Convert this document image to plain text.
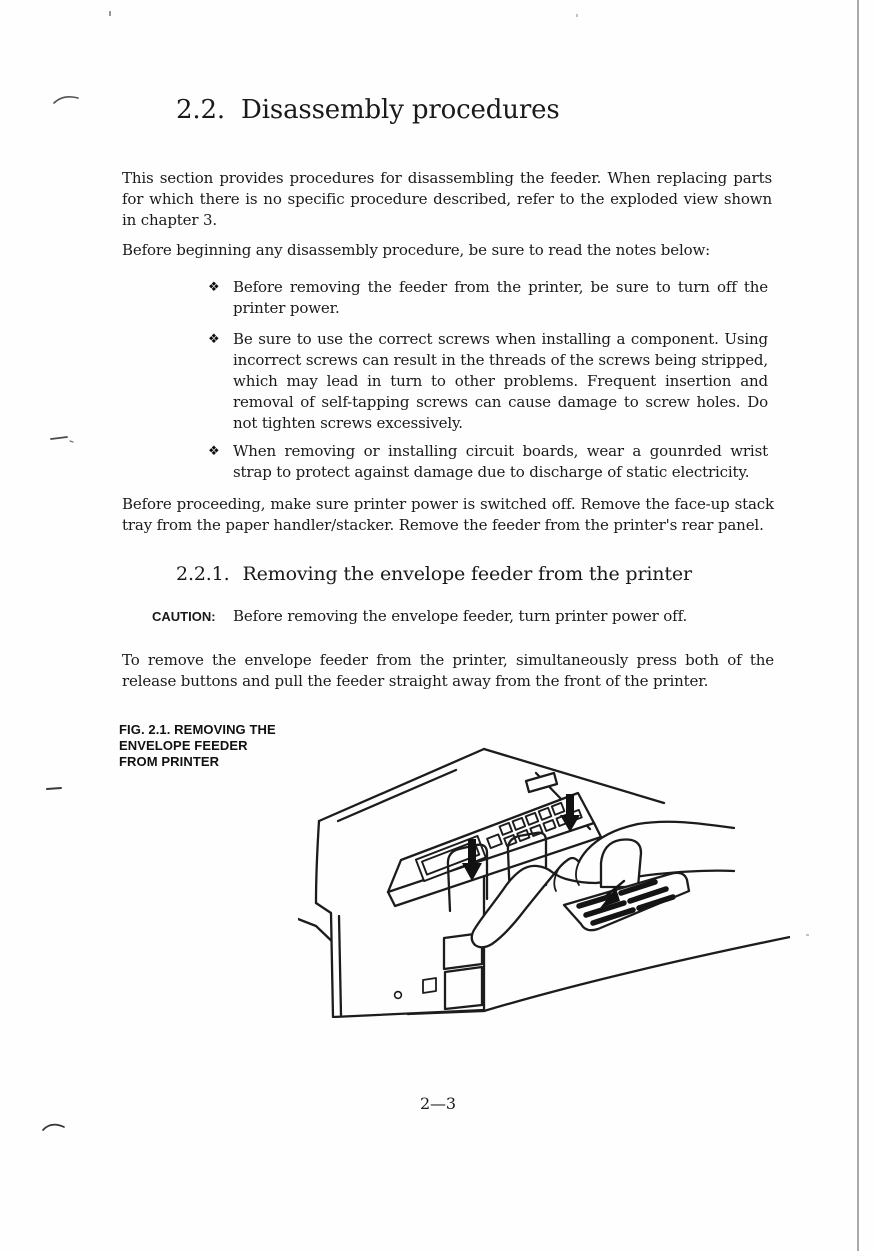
2.2. Disassembly procedures
This section provides procedures for disassembling the feeder. When replacing parts for which there is no specific procedure described, refer to the exploded view shown in chapter 3.
Before beginning any disassembly procedure, be sure to read the notes below:
❖ Before removing the feeder from the printer, be sure to turn off the printer power.
❖ Be sure to use the correct screws when installing a component. Using incorrect screws can result in the threads of the screws being stripped, which may lead in turn to other problems. Frequent insertion and removal of self-tapping screws can cause damage to screw holes. Do not tighten screws excessively.
❖ When removing or installing circuit boards, wear a gounrded wrist strap to protect against damage due to discharge of static electricity.
Before proceeding, make sure printer power is switched off. Remove the face-up stack tray from the paper handler/stacker. Remove the feeder from the printer's rear panel.
2.2.1. Removing the envelope feeder from the printer
CAUTION: Before removing the envelope feeder, turn printer power off.
To remove the envelope feeder from the printer, simultaneously press both of the release buttons and pull the feeder straight away from the front of the printer.
FIG. 2.1. REMOVING THE
ENVELOPE FEEDER
FROM PRINTER
2—3
